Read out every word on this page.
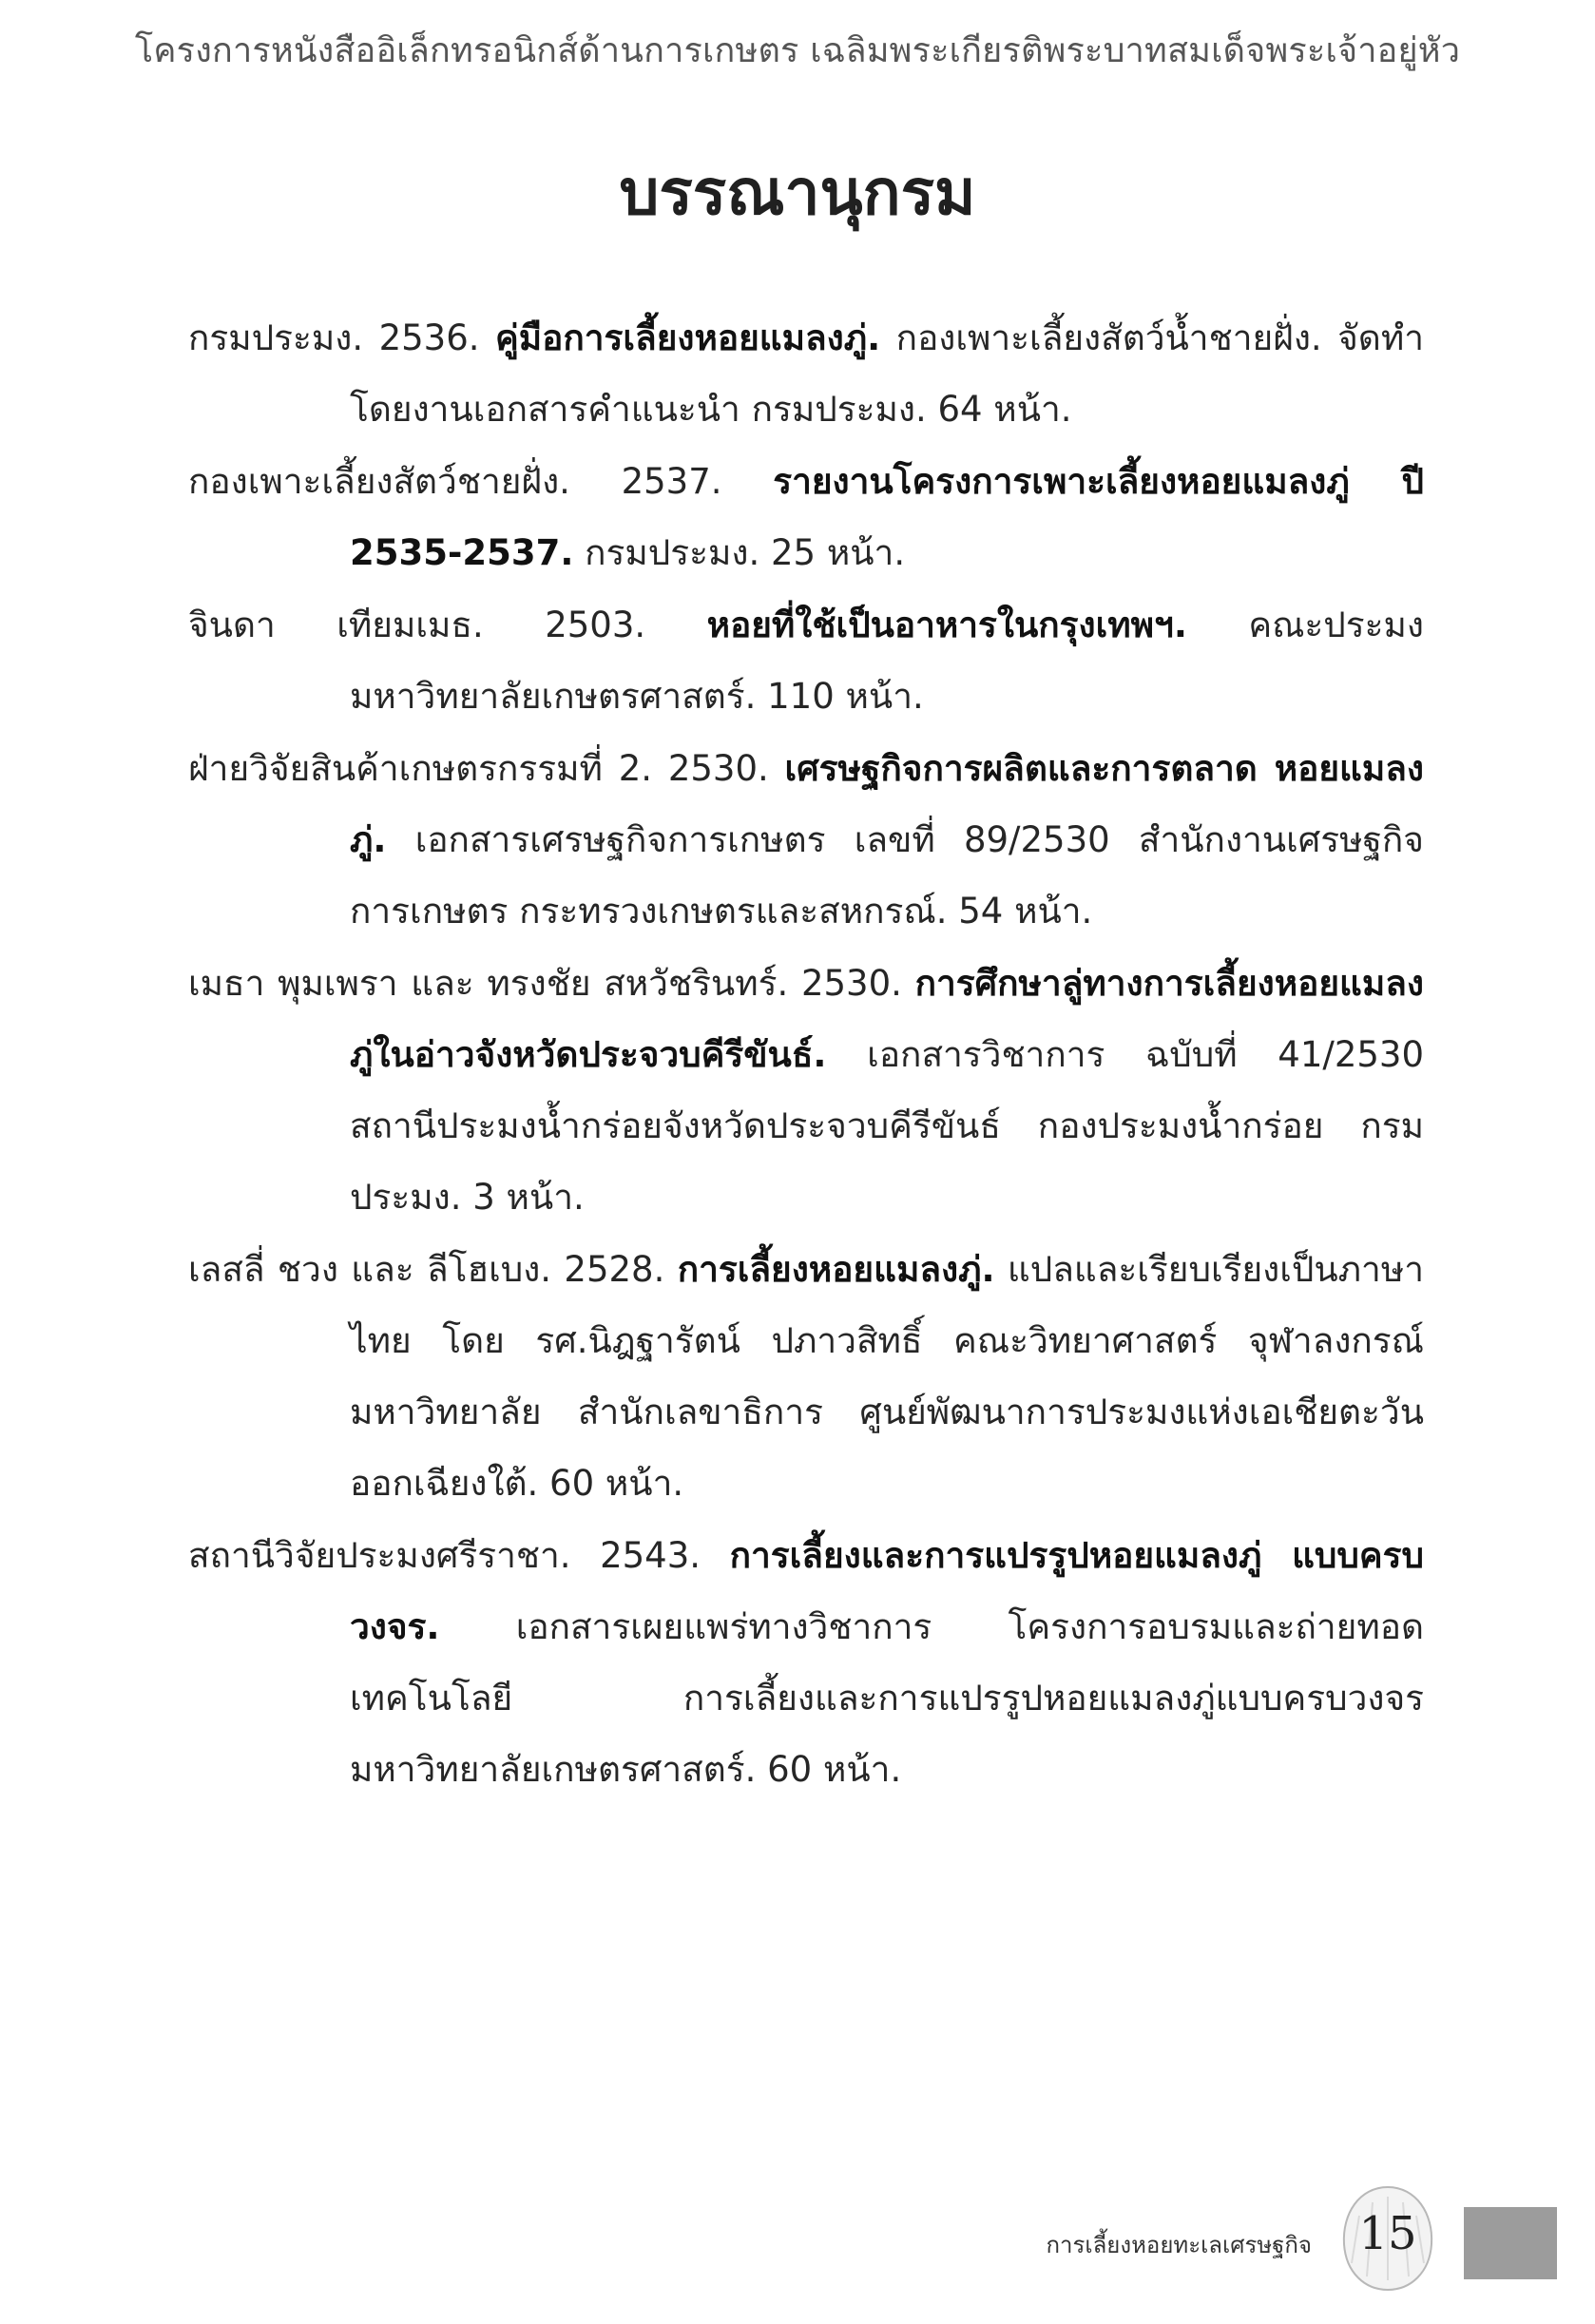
โครงการหนังสืออิเล็กทรอนิกส์ด้านการเกษตร เฉลิมพระเกียรติพระบาทสมเด็จพระเจ้าอยู่หัว
บรรณานุกรม

กรมประมง. 2536. คู่มือการเลี้ยงหอยแมลงภู่. กองเพาะเลี้ยงสัตว์น้ำชายฝั่ง. จัดทำโดยงานเอกสารคำแนะนำ กรมประมง. 64 หน้า.

กองเพาะเลี้ยงสัตว์ชายฝั่ง. 2537. รายงานโครงการเพาะเลี้ยงหอยแมลงภู่ ปี 2535-2537. กรมประมง. 25 หน้า.

จินดา เทียมเมธ. 2503. หอยที่ใช้เป็นอาหารในกรุงเทพฯ. คณะประมง มหาวิทยาลัยเกษตรศาสตร์. 110 หน้า.

ฝ่ายวิจัยสินค้าเกษตรกรรมที่ 2. 2530. เศรษฐกิจการผลิตและการตลาด หอยแมลงภู่. เอกสารเศรษฐกิจการเกษตร เลขที่ 89/2530 สำนักงานเศรษฐกิจการเกษตร กระทรวงเกษตรและสหกรณ์. 54 หน้า.

เมธา พุมเพรา และ ทรงชัย สหวัชรินทร์. 2530. การศึกษาลู่ทางการเลี้ยงหอยแมลงภู่ในอ่าวจังหวัดประจวบคีรีขันธ์. เอกสารวิชาการ ฉบับที่ 41/2530 สถานีประมงน้ำกร่อยจังหวัดประจวบคีรีขันธ์ กองประมงน้ำกร่อย กรมประมง. 3 หน้า.

เลสลี่ ชวง และ ลีโฮเบง. 2528. การเลี้ยงหอยแมลงภู่. แปลและเรียบเรียงเป็นภาษาไทย โดย รศ.นิฎฐารัตน์ ปภาวสิทธิ์ คณะวิทยาศาสตร์ จุฬาลงกรณ์มหาวิทยาลัย สำนักเลขาธิการ ศูนย์พัฒนาการประมงแห่งเอเชียตะวันออกเฉียงใต้. 60 หน้า.

สถานีวิจัยประมงศรีราชา. 2543. การเลี้ยงและการแปรรูปหอยแมลงภู่ แบบครบวงจร. เอกสารเผยแพร่ทางวิชาการ โครงการอบรมและถ่ายทอดเทคโนโลยี การเลี้ยงและการแปรรูปหอยแมลงภู่แบบครบวงจร มหาวิทยาลัยเกษตรศาสตร์. 60 หน้า.

การเลี้ยงหอยทะเลเศรษฐกิจ	15
